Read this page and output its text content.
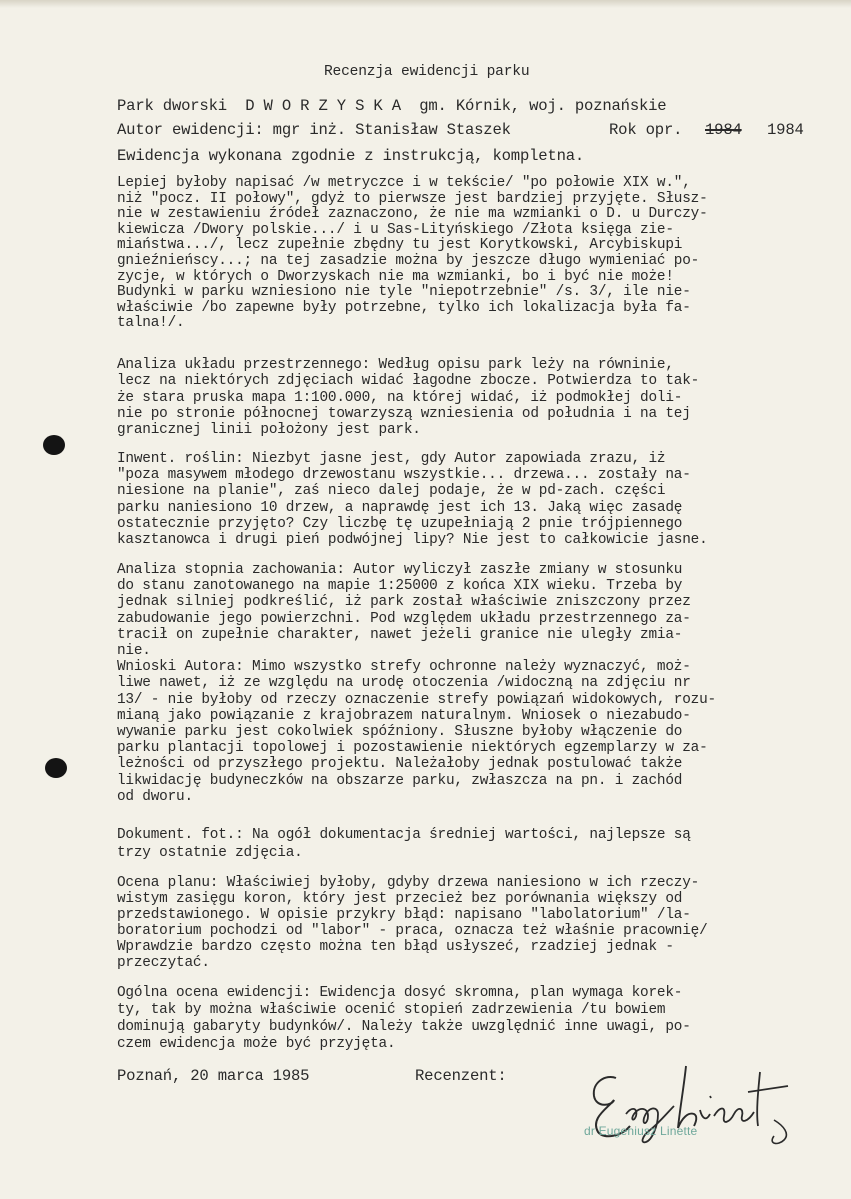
Recenzja ewidencji parku

Park dworski  D W O R Z Y S K A  gm. Kórnik, woj. poznańskie

Autor ewidencji: mgr inż. Stanisław Staszek	Rok opr. 1984 1984

Ewidencja wykonana zgodnie z instrukcją, kompletna.

Lepiej byłoby napisać /w metryczce i w tekście/ "po połowie XIX w.",
niż "pocz. II połowy", gdyż to pierwsze jest bardziej przyjęte. Słusz-
nie w zestawieniu źródeł zaznaczono, że nie ma wzmianki o D. u Durczy-
kiewicza /Dwory polskie.../ i u Sas-Lityńskiego /Złota księga zie-
miaństwa.../, lecz zupełnie zbędny tu jest Korytkowski, Arcybiskupi
gnieźnieńscy...; na tej zasadzie można by jeszcze długo wymieniać po-
zycje, w których o Dworzyskach nie ma wzmianki, bo i być nie może!
Budynki w parku wzniesiono nie tyle "niepotrzebnie" /s. 3/, ile nie-
właściwie /bo zapewne były potrzebne, tylko ich lokalizacja była fa-
talna!/.

Analiza układu przestrzennego: Według opisu park leży na równinie,
lecz na niektórych zdjęciach widać łagodne zbocze. Potwierdza to tak-
że stara pruska mapa 1:100.000, na której widać, iż podmokłej doli-
nie po stronie północnej towarzyszą wzniesienia od południa i na tej
granicznej linii położony jest park.

Inwent. roślin: Niezbyt jasne jest, gdy Autor zapowiada zrazu, iż
"poza masywem młodego drzewostanu wszystkie... drzewa... zostały na-
niesione na planie", zaś nieco dalej podaje, że w pd-zach. części
parku naniesiono 10 drzew, a naprawdę jest ich 13. Jaką więc zasadę
ostatecznie przyjęto? Czy liczbę tę uzupełniają 2 pnie trójpiennego
kasztanowca i drugi pień podwójnej lipy? Nie jest to całkowicie jasne.

Analiza stopnia zachowania: Autor wyliczył zaszłe zmiany w stosunku
do stanu zanotowanego na mapie 1:25000 z końca XIX wieku. Trzeba by
jednak silniej podkreślić, iż park został właściwie zniszczony przez
zabudowanie jego powierzchni. Pod względem układu przestrzennego za-
tracił on zupełnie charakter, nawet jeżeli granice nie uległy zmia-
nie.
Wnioski Autora: Mimo wszystko strefy ochronne należy wyznaczyć, moż-
liwe nawet, iż ze względu na urodę otoczenia /widoczną na zdjęciu nr
13/ - nie byłoby od rzeczy oznaczenie strefy powiązań widokowych, rozu-
mianą jako powiązanie z krajobrazem naturalnym. Wniosek o niezabudo-
wywanie parku jest cokolwiek spóźniony. Słuszne byłoby włączenie do
parku plantacji topolowej i pozostawienie niektórych egzemplarzy w za-
leżności od przyszłego projektu. Należałoby jednak postulować także
likwidację budyneczków na obszarze parku, zwłaszcza na pn. i zachód
od dworu.

Dokument. fot.: Na ogół dokumentacja średniej wartości, najlepsze są
trzy ostatnie zdjęcia.

Ocena planu: Właściwiej byłoby, gdyby drzewa naniesiono w ich rzeczy-
wistym zasięgu koron, który jest przecież bez porównania większy od
przedstawionego. W opisie przykry błąd: napisano "labolatorium" /la-
boratorium pochodzi od "labor" - praca, oznacza też właśnie pracownię/
Wprawdzie bardzo często można ten błąd usłyszeć, rzadziej jednak -
przeczytać.

Ogólna ocena ewidencji: Ewidencja dosyć skromna, plan wymaga korek-
ty, tak by można właściwie ocenić stopień zadrzewienia /tu bowiem
dominują gabaryty budynków/. Należy także uwzględnić inne uwagi, po-
czem ewidencja może być przyjęta.

Poznań, 20 marca 1985	Recenzent:

dr Eugeniusz Linette
